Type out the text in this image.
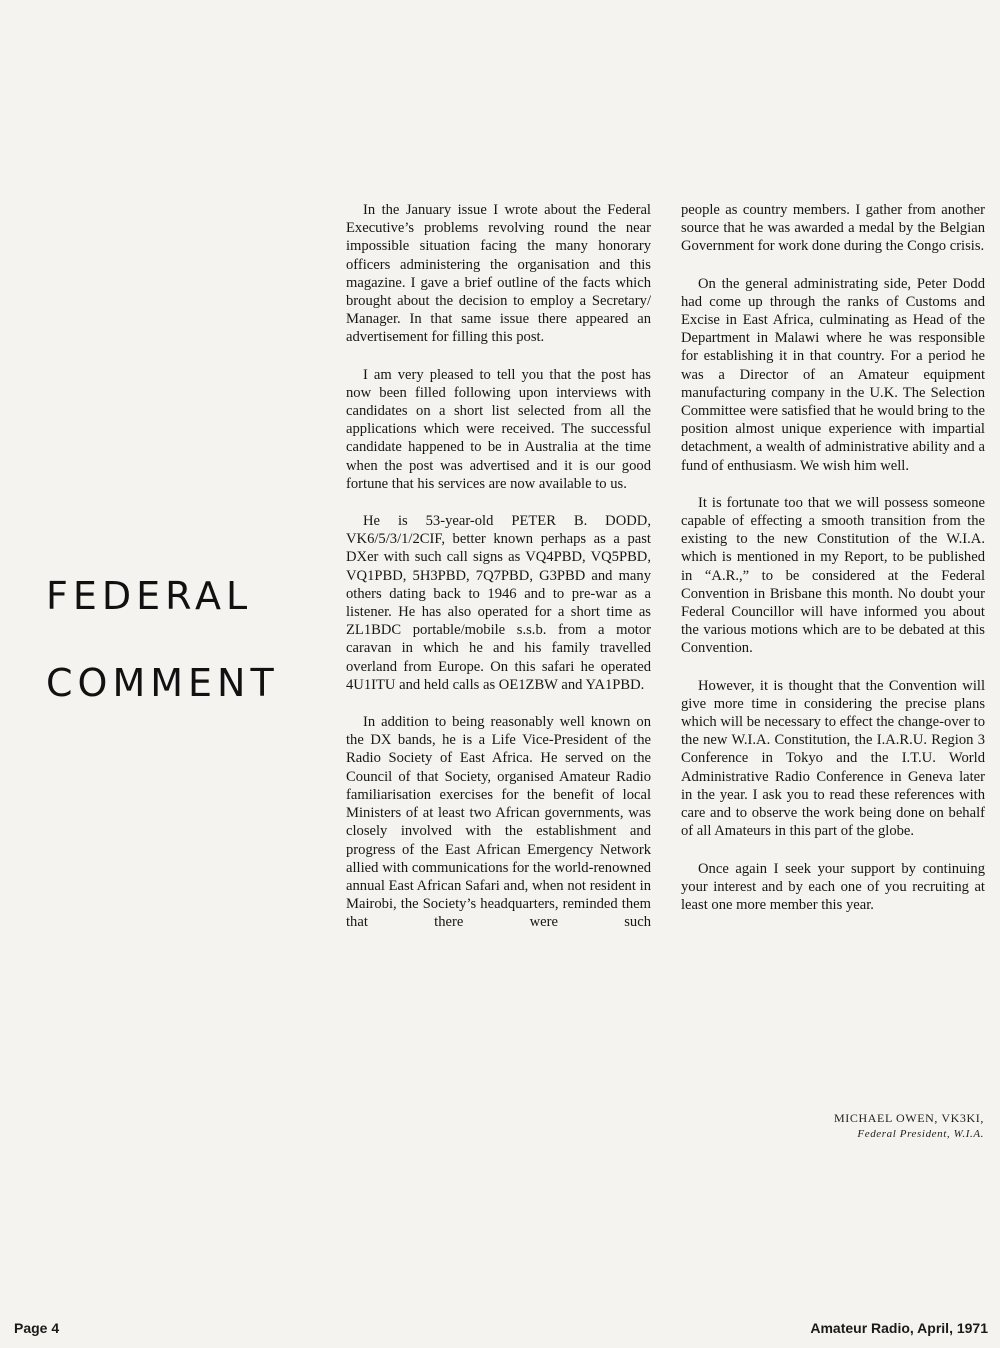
FEDERAL
COMMENT

In the January issue I wrote about the Federal Executive’s problems revolving round the near impossible situation facing the many honorary officers administering the organisation and this magazine. I gave a brief outline of the facts which brought about the decision to employ a Secretary/ Manager. In that same issue there appeared an advertisement for filling this post.

I am very pleased to tell you that the post has now been filled following upon interviews with candidates on a short list selected from all the applications which were received. The successful candidate happened to be in Australia at the time when the post was advertised and it is our good fortune that his services are now available to us.

He is 53-year-old PETER B. DODD, VK6/5/3/1/2CIF, better known perhaps as a past DXer with such call signs as VQ4PBD, VQ5PBD, VQ1PBD, 5H3PBD, 7Q7PBD, G3PBD and many others dating back to 1946 and to pre-war as a listener. He has also operated for a short time as ZL1BDC portable/mobile s.s.b. from a motor caravan in which he and his family travelled overland from Europe. On this safari he operated 4U1ITU and held calls as OE1ZBW and YA1PBD.

In addition to being reasonably well known on the DX bands, he is a Life Vice-President of the Radio Society of East Africa. He served on the Council of that Society, organised Amateur Radio familiarisation exercises for the benefit of local Ministers of at least two African governments, was closely involved with the establishment and progress of the East African Emergency Network allied with communications for the world-renowned annual East African Safari and, when not resident in Mairobi, the Society’s headquarters, reminded them that there were such

people as country members. I gather from another source that he was awarded a medal by the Belgian Government for work done during the Congo crisis.

On the general administrating side, Peter Dodd had come up through the ranks of Customs and Excise in East Africa, culminating as Head of the Department in Malawi where he was responsible for establishing it in that country. For a period he was a Director of an Amateur equipment manufacturing company in the U.K. The Selection Committee were satisfied that he would bring to the position almost unique experience with impartial detachment, a wealth of administrative ability and a fund of enthusiasm. We wish him well.

It is fortunate too that we will possess someone capable of effecting a smooth transition from the existing to the new Constitution of the W.I.A. which is mentioned in my Report, to be published in “A.R.,” to be considered at the Federal Convention in Brisbane this month. No doubt your Federal Councillor will have informed you about the various motions which are to be debated at this Convention.

However, it is thought that the Convention will give more time in considering the precise plans which will be necessary to effect the change-over to the new W.I.A. Constitution, the I.A.R.U. Region 3 Conference in Tokyo and the I.T.U. World Administrative Radio Conference in Geneva later in the year. I ask you to read these references with care and to observe the work being done on behalf of all Amateurs in this part of the globe.

Once again I seek your support by continuing your interest and by each one of you recruiting at least one more member this year.

MICHAEL OWEN, VK3KI,
Federal President, W.I.A.
Page 4	Amateur Radio, April, 1971
